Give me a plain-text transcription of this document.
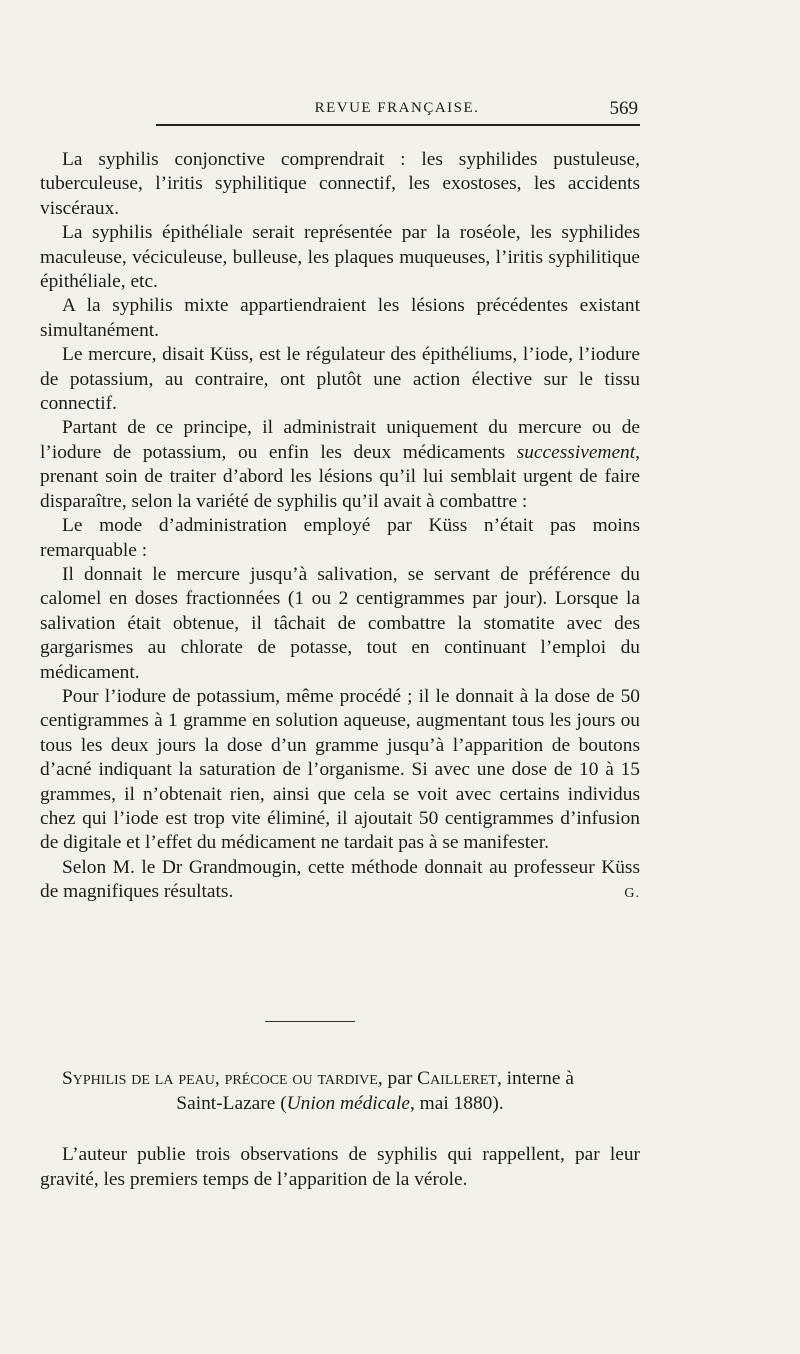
REVUE FRANÇAISE.	569

La syphilis conjonctive comprendrait : les syphilides pustuleuse, tuberculeuse, l’iritis syphilitique connectif, les exostoses, les accidents viscéraux.

La syphilis épithéliale serait représentée par la roséole, les syphilides maculeuse, véciculeuse, bulleuse, les plaques muqueuses, l’iritis syphilitique épithéliale, etc.

A la syphilis mixte appartiendraient les lésions précédentes existant simultanément.

Le mercure, disait Küss, est le régulateur des épithéliums, l’iode, l’iodure de potassium, au contraire, ont plutôt une action élective sur le tissu connectif.

Partant de ce principe, il administrait uniquement du mercure ou de l’iodure de potassium, ou enfin les deux médicaments successivement, prenant soin de traiter d’abord les lésions qu’il lui semblait urgent de faire disparaître, selon la variété de syphilis qu’il avait à combattre :

Le mode d’administration employé par Küss n’était pas moins remarquable :

Il donnait le mercure jusqu’à salivation, se servant de préférence du calomel en doses fractionnées (1 ou 2 centigrammes par jour). Lorsque la salivation était obtenue, il tâchait de combattre la stomatite avec des gargarismes au chlorate de potasse, tout en continuant l’emploi du médicament.

Pour l’iodure de potassium, même procédé ; il le donnait à la dose de 50 centigrammes à 1 gramme en solution aqueuse, augmentant tous les jours ou tous les deux jours la dose d’un gramme jusqu’à l’apparition de boutons d’acné indiquant la saturation de l’organisme. Si avec une dose de 10 à 15 grammes, il n’obtenait rien, ainsi que cela se voit avec certains individus chez qui l’iode est trop vite éliminé, il ajoutait 50 centigrammes d’infusion de digitale et l’effet du médicament ne tardait pas à se manifester.

Selon M. le Dr Grandmougin, cette méthode donnait au professeur Küss de magnifiques résultats.	G.

Syphilis de la peau, précoce ou tardive, par Cailleret, interne à

Saint-Lazare (Union médicale, mai 1880).

L’auteur publie trois observations de syphilis qui rappellent, par leur gravité, les premiers temps de l’apparition de la vérole.
